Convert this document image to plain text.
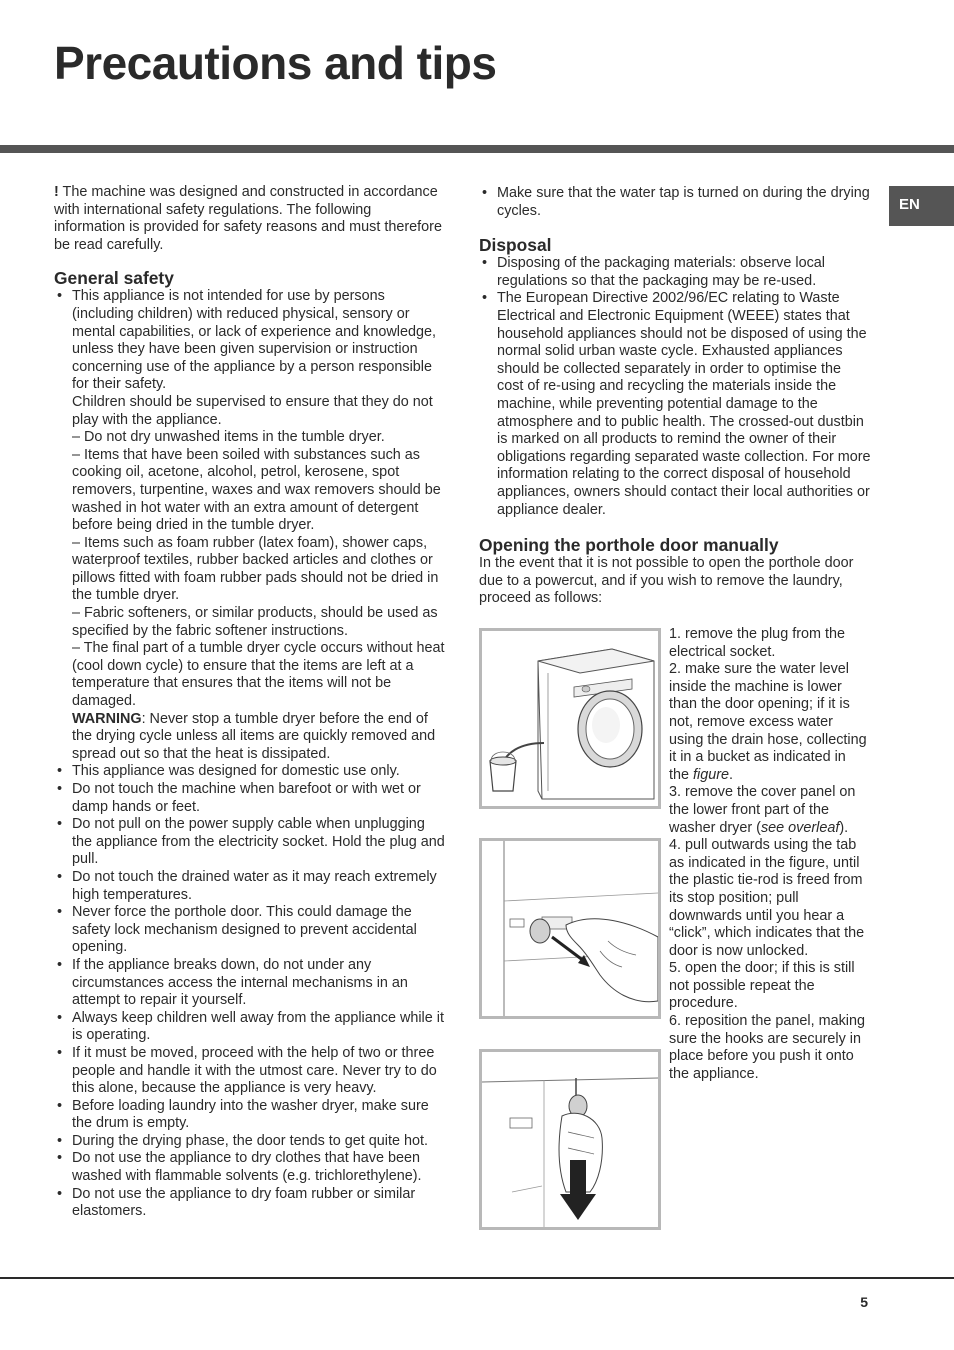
Precautions and tips
EN

! The machine was designed and constructed in accordance with international safety regulations. The following information is provided for safety reasons and must therefore be read carefully.

General safety
• This appliance is not intended for use by persons (including children) with reduced physical, sensory or mental capabilities, or lack of experience and knowledge, unless they have been given supervision or instruction concerning use of the appliance by a person responsible for their safety.
Children should be supervised to ensure that they do not play with the appliance.
– Do not dry unwashed items in the tumble dryer.
– Items that have been soiled with substances such as cooking oil, acetone, alcohol, petrol, kerosene, spot removers, turpentine, waxes and wax removers should be washed in hot water with an extra amount of detergent before being dried in the tumble dryer.
– Items such as foam rubber (latex foam), shower caps, waterproof textiles, rubber backed articles and clothes or pillows fitted with foam rubber pads should not be dried in the tumble dryer.
– Fabric softeners, or similar products, should be used as specified by the fabric softener instructions.
– The final part of a tumble dryer cycle occurs without heat (cool down cycle) to ensure that the items are left at a temperature that ensures that the items will not be damaged.
WARNING: Never stop a tumble dryer before the end of the drying cycle unless all items are quickly removed and spread out so that the heat is dissipated.
• This appliance was designed for domestic use only.
• Do not touch the machine when barefoot or with wet or damp hands or feet.
• Do not pull on the power supply cable when unplugging the appliance from the electricity socket. Hold the plug and pull.
• Do not touch the drained water as it may reach extremely high temperatures.
• Never force the porthole door. This could damage the safety lock mechanism designed to prevent accidental opening.
• If the appliance breaks down, do not under any circumstances access the internal mechanisms in an attempt to repair it yourself.
• Always keep children well away from the appliance while it is operating.
• If it must be moved, proceed with the help of two or three people and handle it with the utmost care. Never try to do this alone, because the appliance is very heavy.
• Before loading laundry into the washer dryer, make sure the drum is empty.
• During the drying phase, the door tends to get quite hot.
• Do not use the appliance to dry clothes that have been washed with flammable solvents (e.g. trichlorethylene).
• Do not use the appliance to dry foam rubber or similar elastomers.
• Make sure that the water tap is turned on during the drying cycles.
Disposal
• Disposing of the packaging materials: observe local regulations so that the packaging may be re-used.
• The European Directive 2002/96/EC relating to Waste Electrical and Electronic Equipment (WEEE) states that household appliances should not be disposed of using the normal solid urban waste cycle. Exhausted appliances should be collected separately in order to optimise the cost of re-using and recycling the materials inside the machine, while preventing potential damage to the atmosphere and to public health. The crossed-out dustbin is marked on all products to remind the owner of their obligations regarding separated waste collection. For more information relating to the correct disposal of household appliances, owners should contact their local authorities or appliance dealer.
Opening the porthole door manually

In the event that it is not possible to open the porthole door due to a powercut, and if you wish to remove the laundry, proceed as follows:

1. remove the plug from the electrical socket.

2. make sure the water level inside the machine is lower than the door opening; if it is not, remove excess water using the drain hose, collecting it in a bucket as indicated in the figure.

3. remove the cover panel on the lower front part of the washer dryer (see overleaf).

4. pull outwards using the tab as indicated in the figure, until the plastic tie-rod is freed from its stop position; pull downwards until you hear a “click”, which indicates that the door is now unlocked.

5. open the door; if this is still not possible repeat the procedure.

6. reposition the panel, making sure the hooks are securely in place before you push it onto the appliance.

5
